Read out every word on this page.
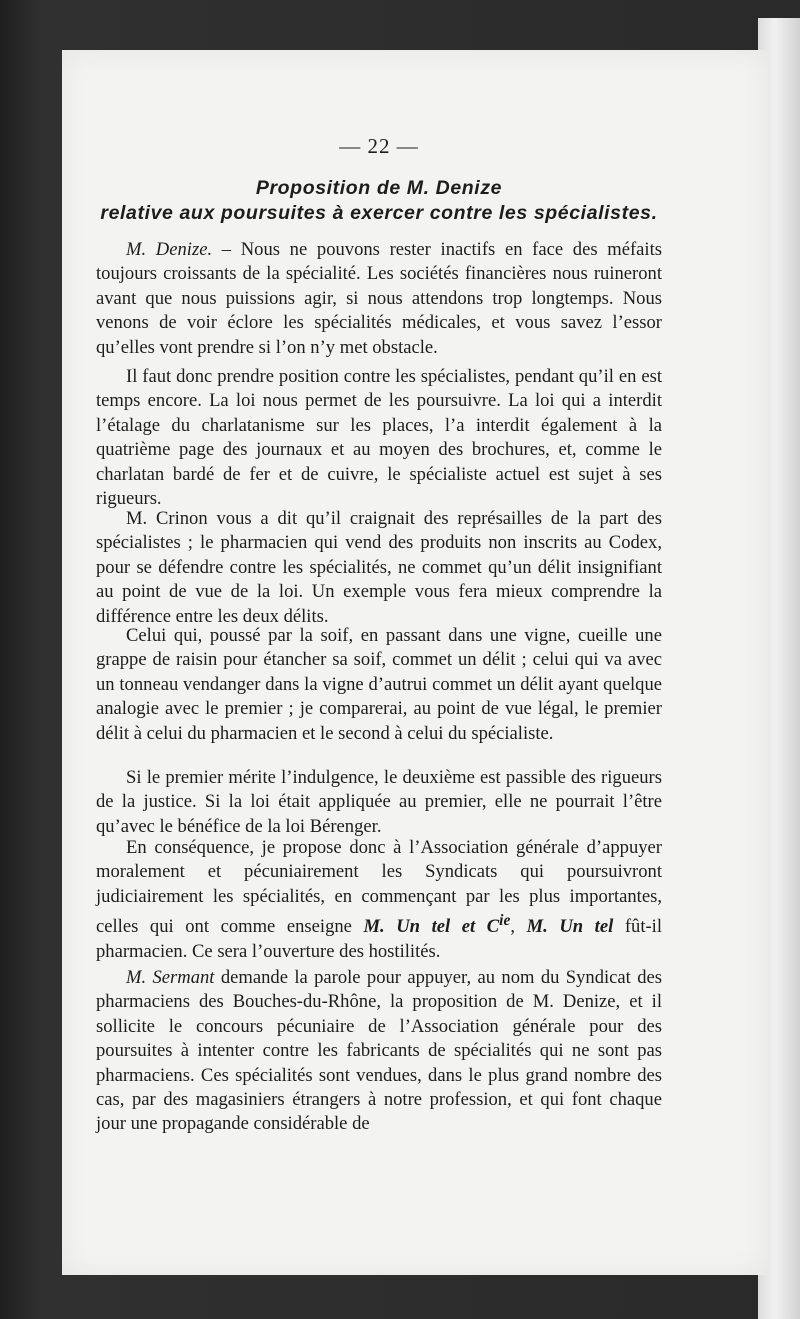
— 22 —
Proposition de M. Denize
relative aux poursuites à exercer contre les spécialistes.

M. Denize. – Nous ne pouvons rester inactifs en face des méfaits toujours croissants de la spécialité. Les sociétés financières nous ruineront avant que nous puissions agir, si nous attendons trop longtemps. Nous venons de voir éclore les spécialités médicales, et vous savez l’essor qu’elles vont prendre si l’on n’y met obstacle.

Il faut donc prendre position contre les spécialistes, pendant qu’il en est temps encore. La loi nous permet de les poursuivre. La loi qui a interdit l’étalage du charlatanisme sur les places, l’a interdit également à la quatrième page des journaux et au moyen des brochures, et, comme le charlatan bardé de fer et de cuivre, le spécialiste actuel est sujet à ses rigueurs.

M. Crinon vous a dit qu’il craignait des représailles de la part des spécialistes ; le pharmacien qui vend des produits non inscrits au Codex, pour se défendre contre les spécialités, ne commet qu’un délit insignifiant au point de vue de la loi. Un exemple vous fera mieux comprendre la différence entre les deux délits.

Celui qui, poussé par la soif, en passant dans une vigne, cueille une grappe de raisin pour étancher sa soif, commet un délit ; celui qui va avec un tonneau vendanger dans la vigne d’autrui commet un délit ayant quelque analogie avec le premier ; je comparerai, au point de vue légal, le premier délit à celui du pharmacien et le second à celui du spécialiste.

Si le premier mérite l’indulgence, le deuxième est passible des rigueurs de la justice. Si la loi était appliquée au premier, elle ne pourrait l’être qu’avec le bénéfice de la loi Bérenger.

En conséquence, je propose donc à l’Association générale d’appuyer moralement et pécuniairement les Syndicats qui poursuivront judiciairement les spécialités, en commençant par les plus importantes, celles qui ont comme enseigne M. Un tel et $C^{ie}$, M. Un tel fût-il pharmacien. Ce sera l’ouverture des hostilités.

M. Sermant demande la parole pour appuyer, au nom du Syndicat des pharmaciens des Bouches-du-Rhône, la proposition de M. Denize, et il sollicite le concours pécuniaire de l’Association générale pour des poursuites à intenter contre les fabricants de spécialités qui ne sont pas pharmaciens. Ces spécialités sont vendues, dans le plus grand nombre des cas, par des magasiniers étrangers à notre profession, et qui font chaque jour une propagande considérable de
